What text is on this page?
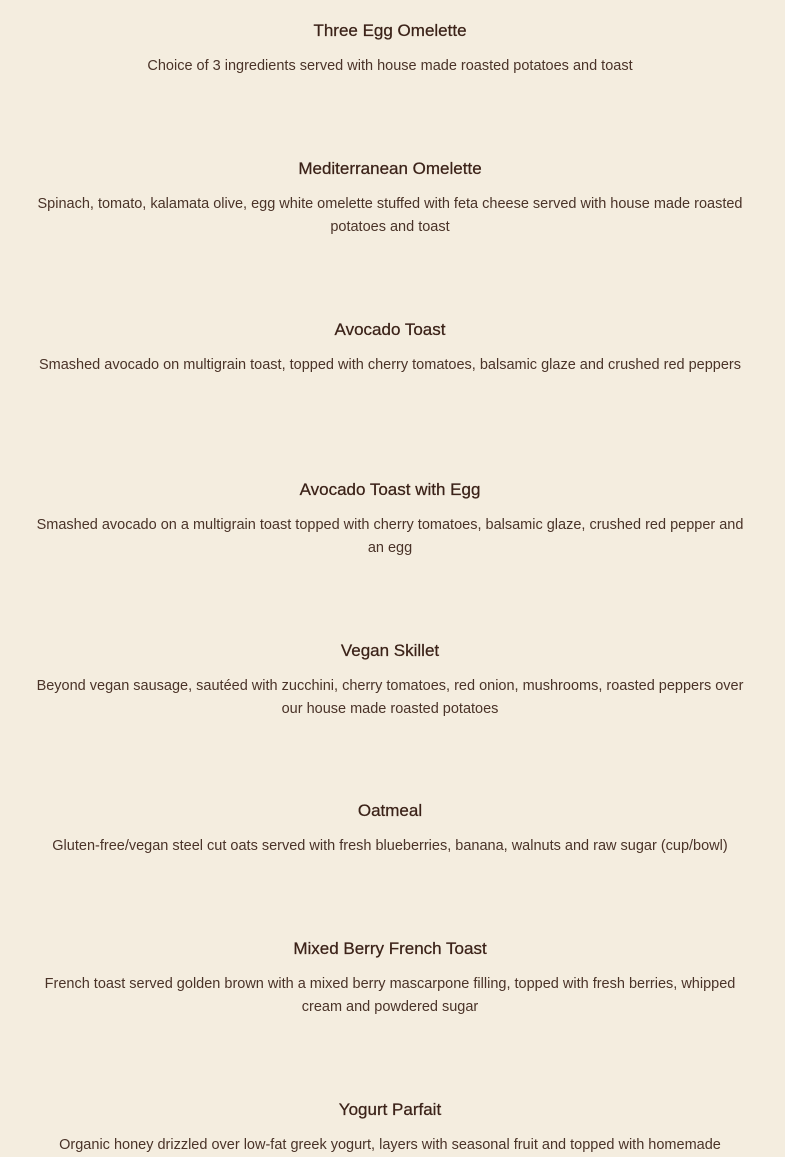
Three Egg Omelette

Choice of 3 ingredients served with house made roasted potatoes and toast

Mediterranean Omelette

Spinach, tomato, kalamata olive, egg white omelette stuffed with feta cheese served with house made roasted potatoes and toast

Avocado Toast

Smashed avocado on multigrain toast, topped with cherry tomatoes, balsamic glaze and crushed red peppers

Avocado Toast with Egg

Smashed avocado on a multigrain toast topped with cherry tomatoes, balsamic glaze, crushed red pepper and an egg

Vegan Skillet

Beyond vegan sausage, sautéed with zucchini, cherry tomatoes, red onion, mushrooms, roasted peppers over our house made roasted potatoes

Oatmeal

Gluten-free/vegan steel cut oats served with fresh blueberries, banana, walnuts and raw sugar (cup/bowl)

Mixed Berry French Toast

French toast served golden brown with a mixed berry mascarpone filling, topped with fresh berries, whipped cream and powdered sugar

Yogurt Parfait

Organic honey drizzled over low-fat greek yogurt, layers with seasonal fruit and topped with homemade
